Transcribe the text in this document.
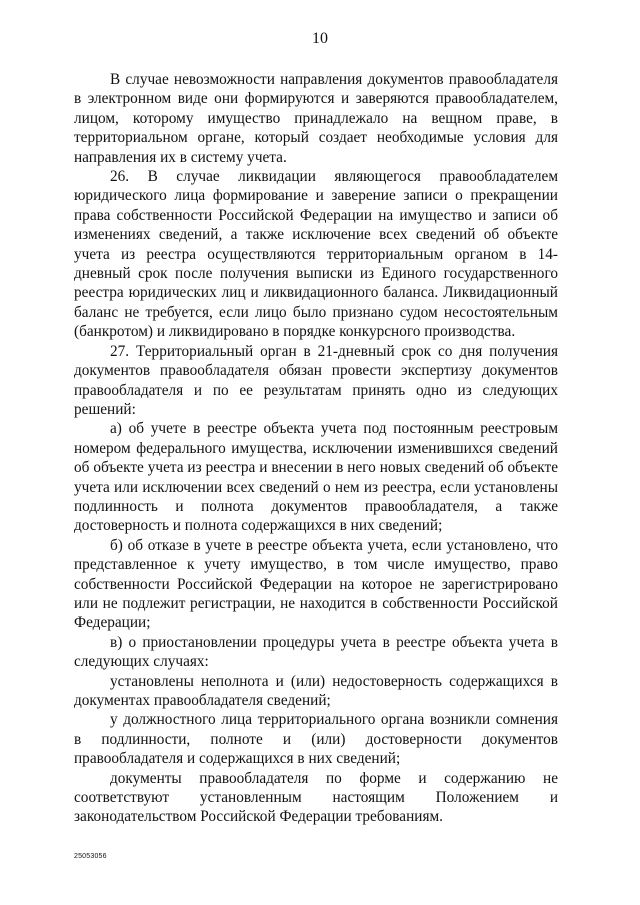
10

В случае невозможности направления документов правообладателя в электронном виде они формируются и заверяются правообладателем, лицом, которому имущество принадлежало на вещном праве, в территориальном органе, который создает необходимые условия для направления их в систему учета.

26. В случае ликвидации являющегося правообладателем юридического лица формирование и заверение записи о прекращении права собственности Российской Федерации на имущество и записи об изменениях сведений, а также исключение всех сведений об объекте учета из реестра осуществляются территориальным органом в 14-дневный срок после получения выписки из Единого государственного реестра юридических лиц и ликвидационного баланса. Ликвидационный баланс не требуется, если лицо было признано судом несостоятельным (банкротом) и ликвидировано в порядке конкурсного производства.

27. Территориальный орган в 21-дневный срок со дня получения документов правообладателя обязан провести экспертизу документов правообладателя и по ее результатам принять одно из следующих решений:

а) об учете в реестре объекта учета под постоянным реестровым номером федерального имущества, исключении изменившихся сведений об объекте учета из реестра и внесении в него новых сведений об объекте учета или исключении всех сведений о нем из реестра, если установлены подлинность и полнота документов правообладателя, а также достоверность и полнота содержащихся в них сведений;

б) об отказе в учете в реестре объекта учета, если установлено, что представленное к учету имущество, в том числе имущество, право собственности Российской Федерации на которое не зарегистрировано или не подлежит регистрации, не находится в собственности Российской Федерации;

в) о приостановлении процедуры учета в реестре объекта учета в следующих случаях:

установлены неполнота и (или) недостоверность содержащихся в документах правообладателя сведений;

у должностного лица территориального органа возникли сомнения в подлинности, полноте и (или) достоверности документов правообладателя и содержащихся в них сведений;

документы правообладателя по форме и содержанию не соответствуют установленным настоящим Положением и законодательством Российской Федерации требованиям.

25053056
